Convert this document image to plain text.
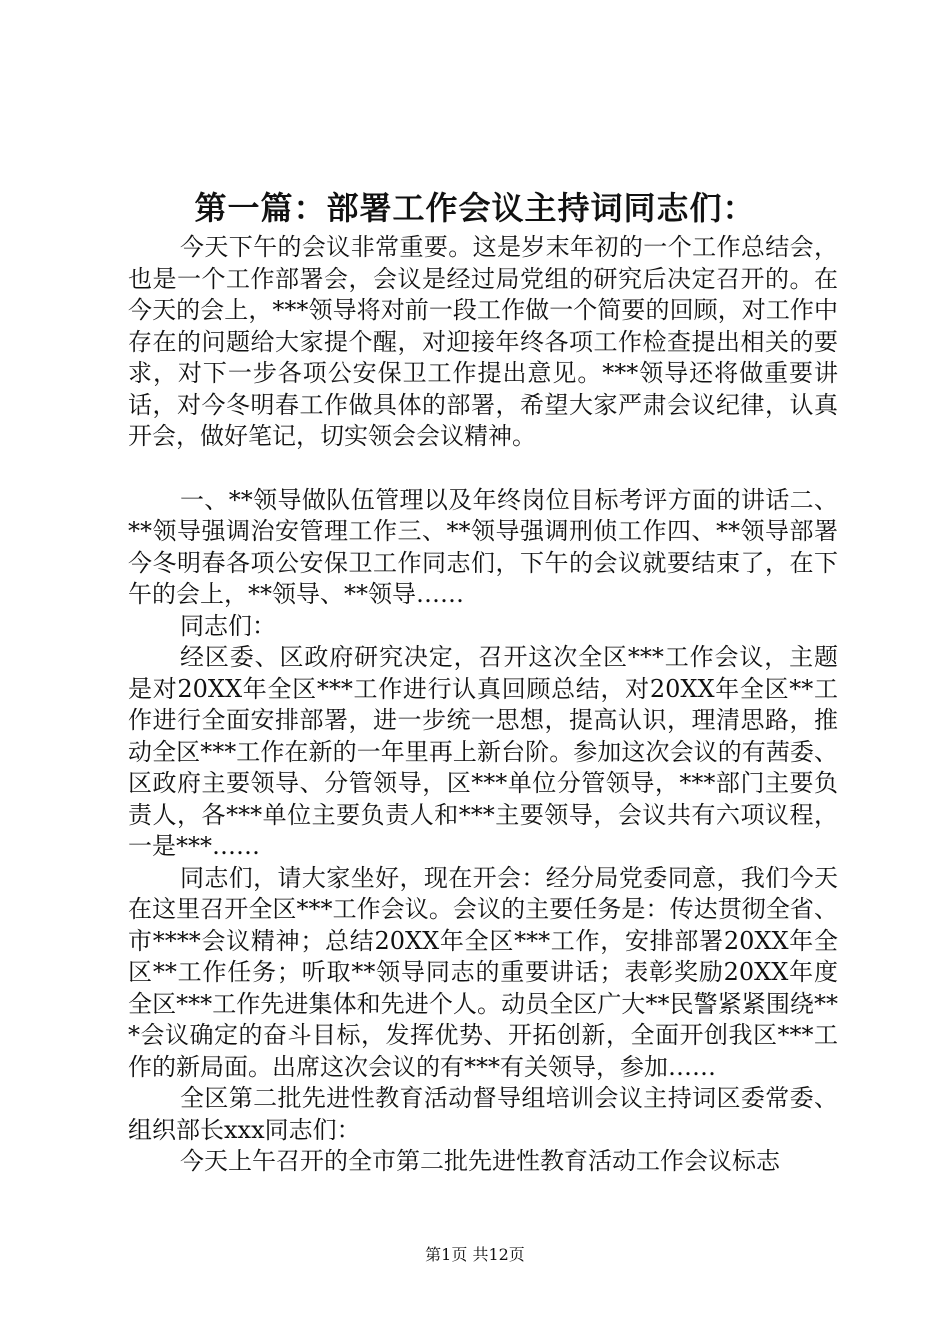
第一篇：部署工作会议主持词同志们：

今天下午的会议非常重要。这是岁末年初的一个工作总结会，也是一个工作部署会，会议是经过局党组的研究后决定召开的。在今天的会上，***领导将对前一段工作做一个简要的回顾，对工作中存在的问题给大家提个醒，对迎接年终各项工作检查提出相关的要求，对下一步各项公安保卫工作提出意见。***领导还将做重要讲话，对今冬明春工作做具体的部署，希望大家严肃会议纪律，认真开会，做好笔记，切实领会会议精神。

一、**领导做队伍管理以及年终岗位目标考评方面的讲话二、**领导强调治安管理工作三、**领导强调刑侦工作四、**领导部署今冬明春各项公安保卫工作同志们，下午的会议就要结束了，在下午的会上，**领导、**领导……

同志们：

经区委、区政府研究决定，召开这次全区***工作会议，主题是对20XX年全区***工作进行认真回顾总结，对20XX年全区**工作进行全面安排部署，进一步统一思想，提高认识，理清思路，推动全区***工作在新的一年里再上新台阶。参加这次会议的有茜委、区政府主要领导、分管领导，区***单位分管领导，***部门主要负责人，各***单位主要负责人和***主要领导，会议共有六项议程，一是***……

同志们，请大家坐好，现在开会：经分局党委同意，我们今天在这里召开全区***工作会议。会议的主要任务是：传达贯彻全省、市****会议精神；总结20XX年全区***工作，安排部署20XX年全区**工作任务；听取**领导同志的重要讲话；表彰奖励20XX年度全区***工作先进集体和先进个人。动员全区广大**民警紧紧围绕***会议确定的奋斗目标，发挥优势、开拓创新，全面开创我区***工作的新局面。出席这次会议的有***有关领导，参加……

全区第二批先进性教育活动督导组培训会议主持词区委常委、组织部长xxx同志们：

今天上午召开的全市第二批先进性教育活动工作会议标志

第1页 共12页
